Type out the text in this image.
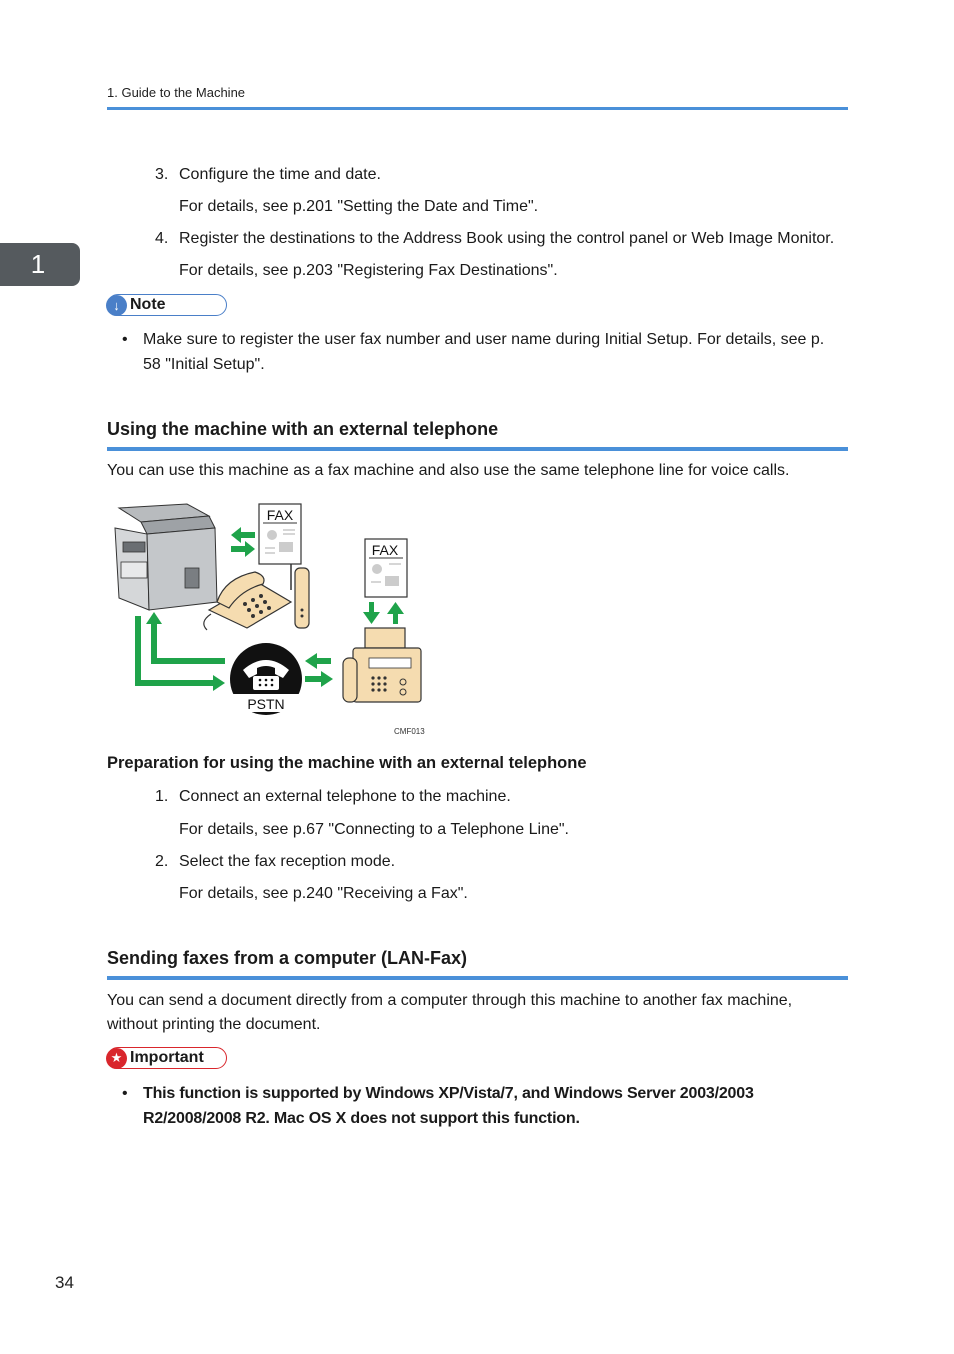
1. Guide to the Machine
1
3. Configure the time and date.
For details, see p.201 "Setting the Date and Time".
4. Register the destinations to the Address Book using the control panel or Web Image Monitor.
For details, see p.203 "Registering Fax Destinations".
↓ Note
• Make sure to register the user fax number and user name during Initial Setup. For details, see p.
58 "Initial Setup".
Using the machine with an external telephone
You can use this machine as a fax machine and also use the same telephone line for voice calls.
FAX
FAX
PSTN
CMF013
Preparation for using the machine with an external telephone
1. Connect an external telephone to the machine.
For details, see p.67 "Connecting to a Telephone Line".
2. Select the fax reception mode.
For details, see p.240 "Receiving a Fax".
Sending faxes from a computer (LAN-Fax)
You can send a document directly from a computer through this machine to another fax machine,
without printing the document.
★ Important
• This function is supported by Windows XP/Vista/7, and Windows Server 2003/2003
R2/2008/2008 R2. Mac OS X does not support this function.
34
